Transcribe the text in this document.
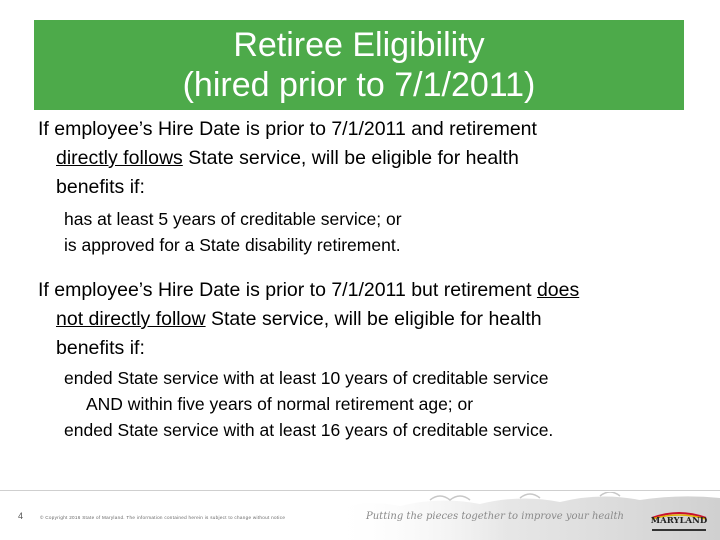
Retiree Eligibility
(hired prior to 7/1/2011)
If employee’s Hire Date is prior to 7/1/2011 and retirement
directly follows State service, will be eligible for health
benefits if:
has at least 5 years of creditable service; or
is approved for a State disability retirement.
If employee’s Hire Date is prior to 7/1/2011 but retirement does
not directly follow State service, will be eligible for health
benefits if:
ended State service with at least 10 years of creditable service
AND within five years of normal retirement age; or
ended State service with at least 16 years of creditable service.
4	© Copyright 2016 State of Maryland. The information contained herein is subject to change without notice	Putting the pieces together to improve your health	MARYLAND
